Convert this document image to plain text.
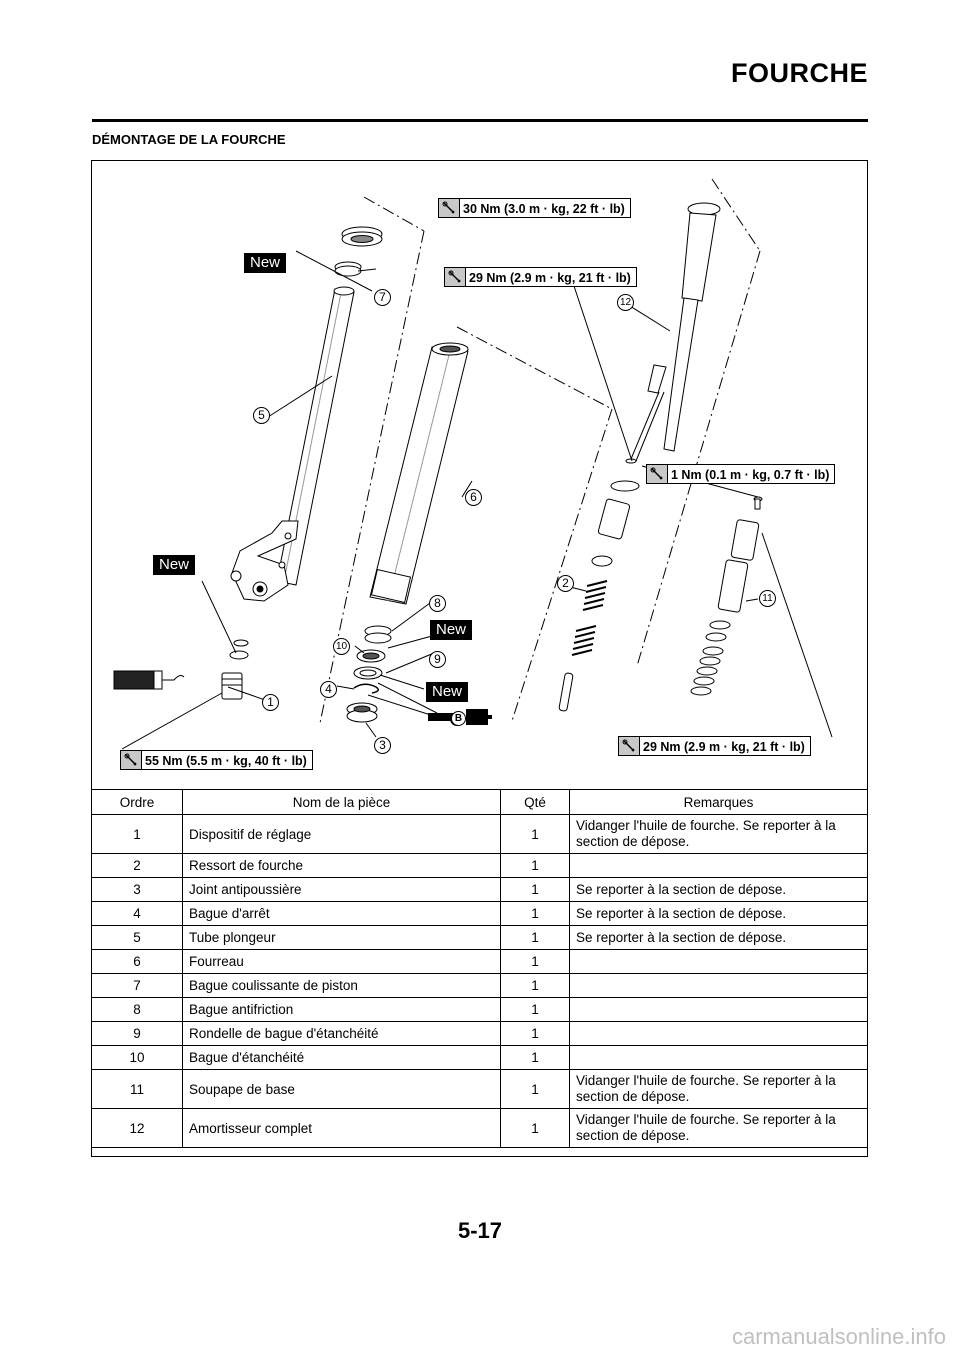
FOURCHE
DÉMONTAGE DE LA FOURCHE
30 Nm (3.0 m · kg, 22 ft · lb)
29 Nm (2.9 m · kg, 21 ft · lb)
1 Nm (0.1 m · kg, 0.7 ft · lb)
29 Nm (2.9 m · kg, 21 ft · lb)
55 Nm (5.5 m · kg, 40 ft · lb)
New
New
New
New
B
1
2
3
4
5
6
7
8
9
10
11
12
Ordre	Nom de la pièce	Qté	Remarques
1	Dispositif de réglage	1	Vidanger l'huile de fourche. Se reporter à la section de dépose.
2	Ressort de fourche	1	
3	Joint antipoussière	1	Se reporter à la section de dépose.
4	Bague d'arrêt	1	Se reporter à la section de dépose.
5	Tube plongeur	1	Se reporter à la section de dépose.
6	Fourreau	1	
7	Bague coulissante de piston	1	
8	Bague antifriction	1	
9	Rondelle de bague d'étanchéité	1	
10	Bague d'étanchéité	1	
11	Soupape de base	1	Vidanger l'huile de fourche. Se reporter à la section de dépose.
12	Amortisseur complet	1	Vidanger l'huile de fourche. Se reporter à la section de dépose.
5-17
carmanualsonline.info
